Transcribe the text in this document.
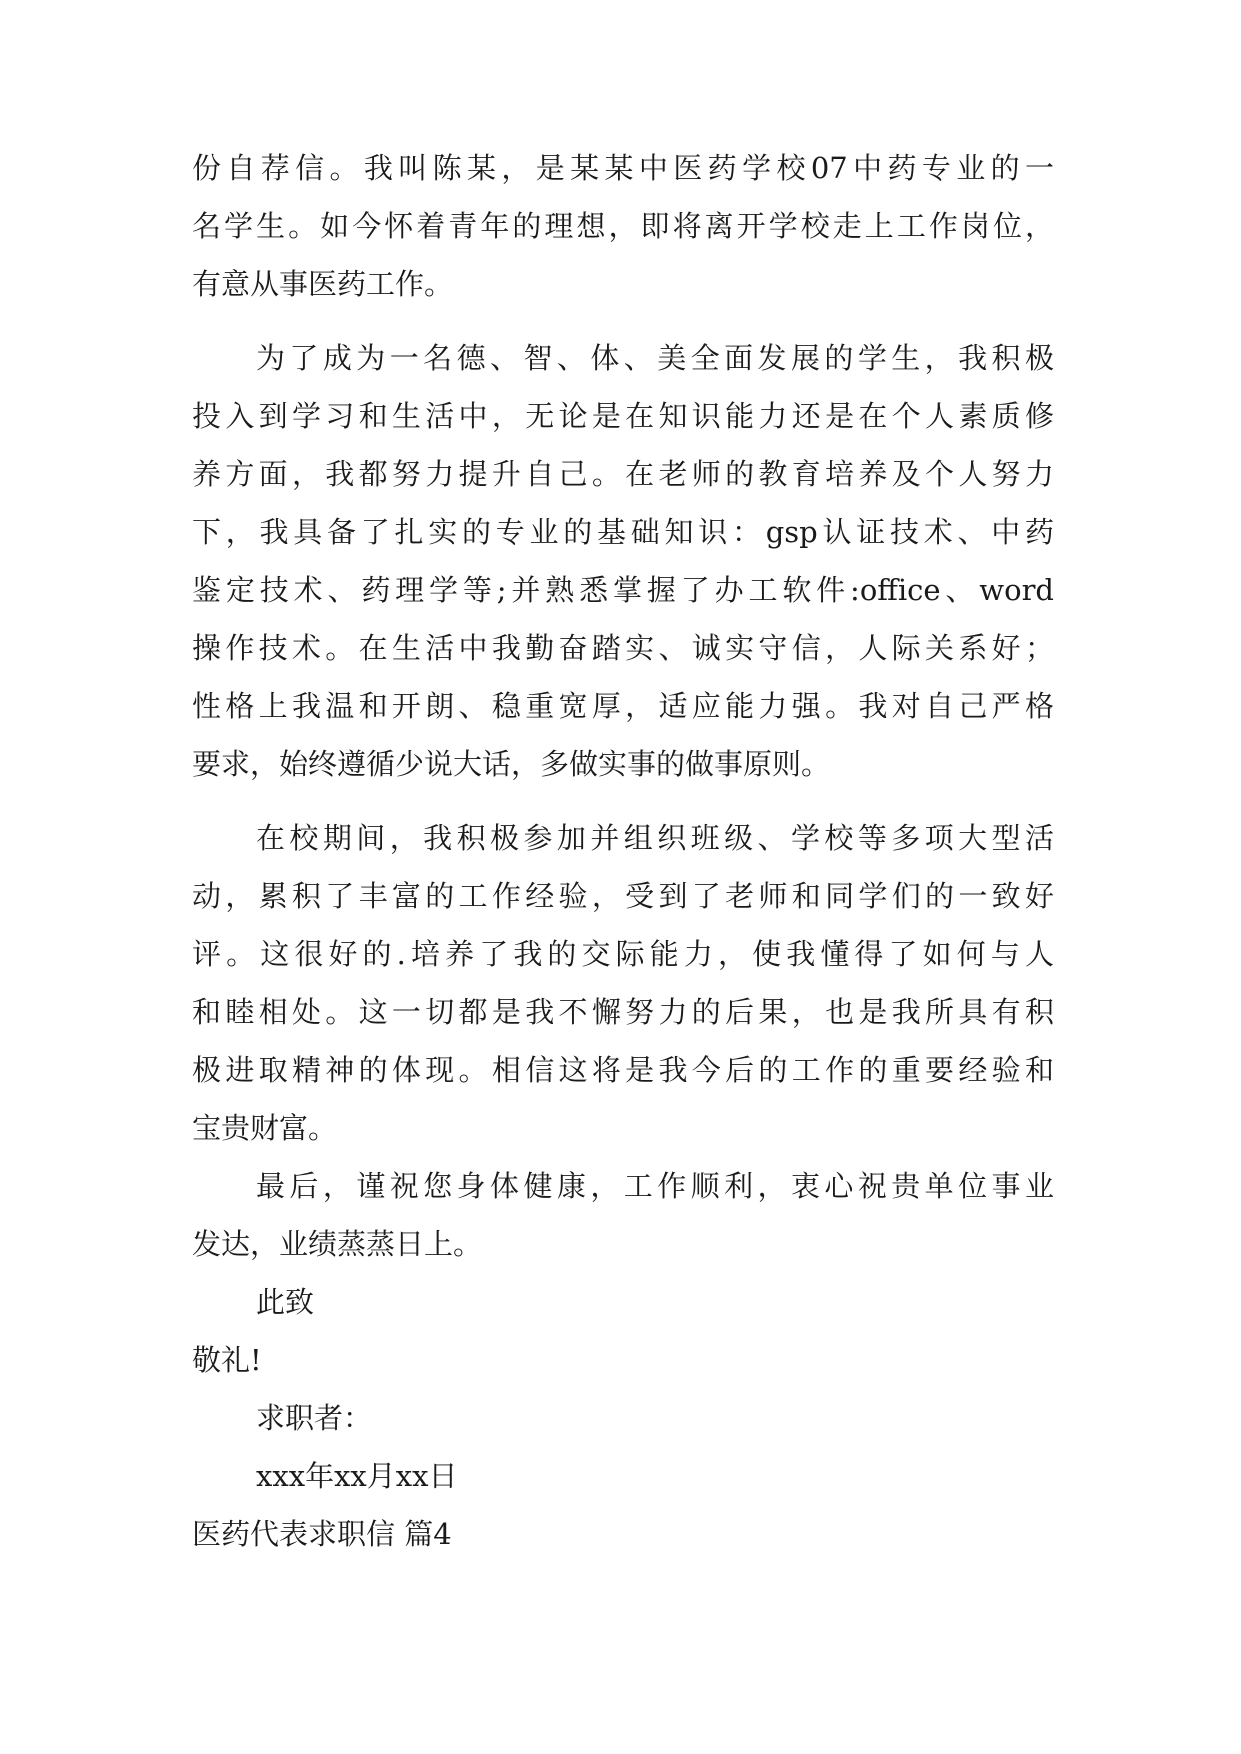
份自荐信。我叫陈某，是某某中医药学校07中药专业的一

名学生。如今怀着青年的理想，即将离开学校走上工作岗位，

有意从事医药工作。

为了成为一名德、智、体、美全面发展的学生，我积极

投入到学习和生活中，无论是在知识能力还是在个人素质修

养方面，我都努力提升自己。在老师的教育培养及个人努力

下，我具备了扎实的专业的基础知识：gsp认证技术、中药

鉴定技术、药理学等;并熟悉掌握了办工软件:office、word

操作技术。在生活中我勤奋踏实、诚实守信，人际关系好；

性格上我温和开朗、稳重宽厚，适应能力强。我对自己严格

要求，始终遵循少说大话，多做实事的做事原则。

在校期间，我积极参加并组织班级、学校等多项大型活

动，累积了丰富的工作经验，受到了老师和同学们的一致好

评。这很好的.培养了我的交际能力，使我懂得了如何与人

和睦相处。这一切都是我不懈努力的后果，也是我所具有积

极进取精神的体现。相信这将是我今后的工作的重要经验和

宝贵财富。

最后，谨祝您身体健康，工作顺利，衷心祝贵单位事业

发达，业绩蒸蒸日上。

此致

敬礼!

求职者：

xxx年xx月xx日

医药代表求职信 篇4
